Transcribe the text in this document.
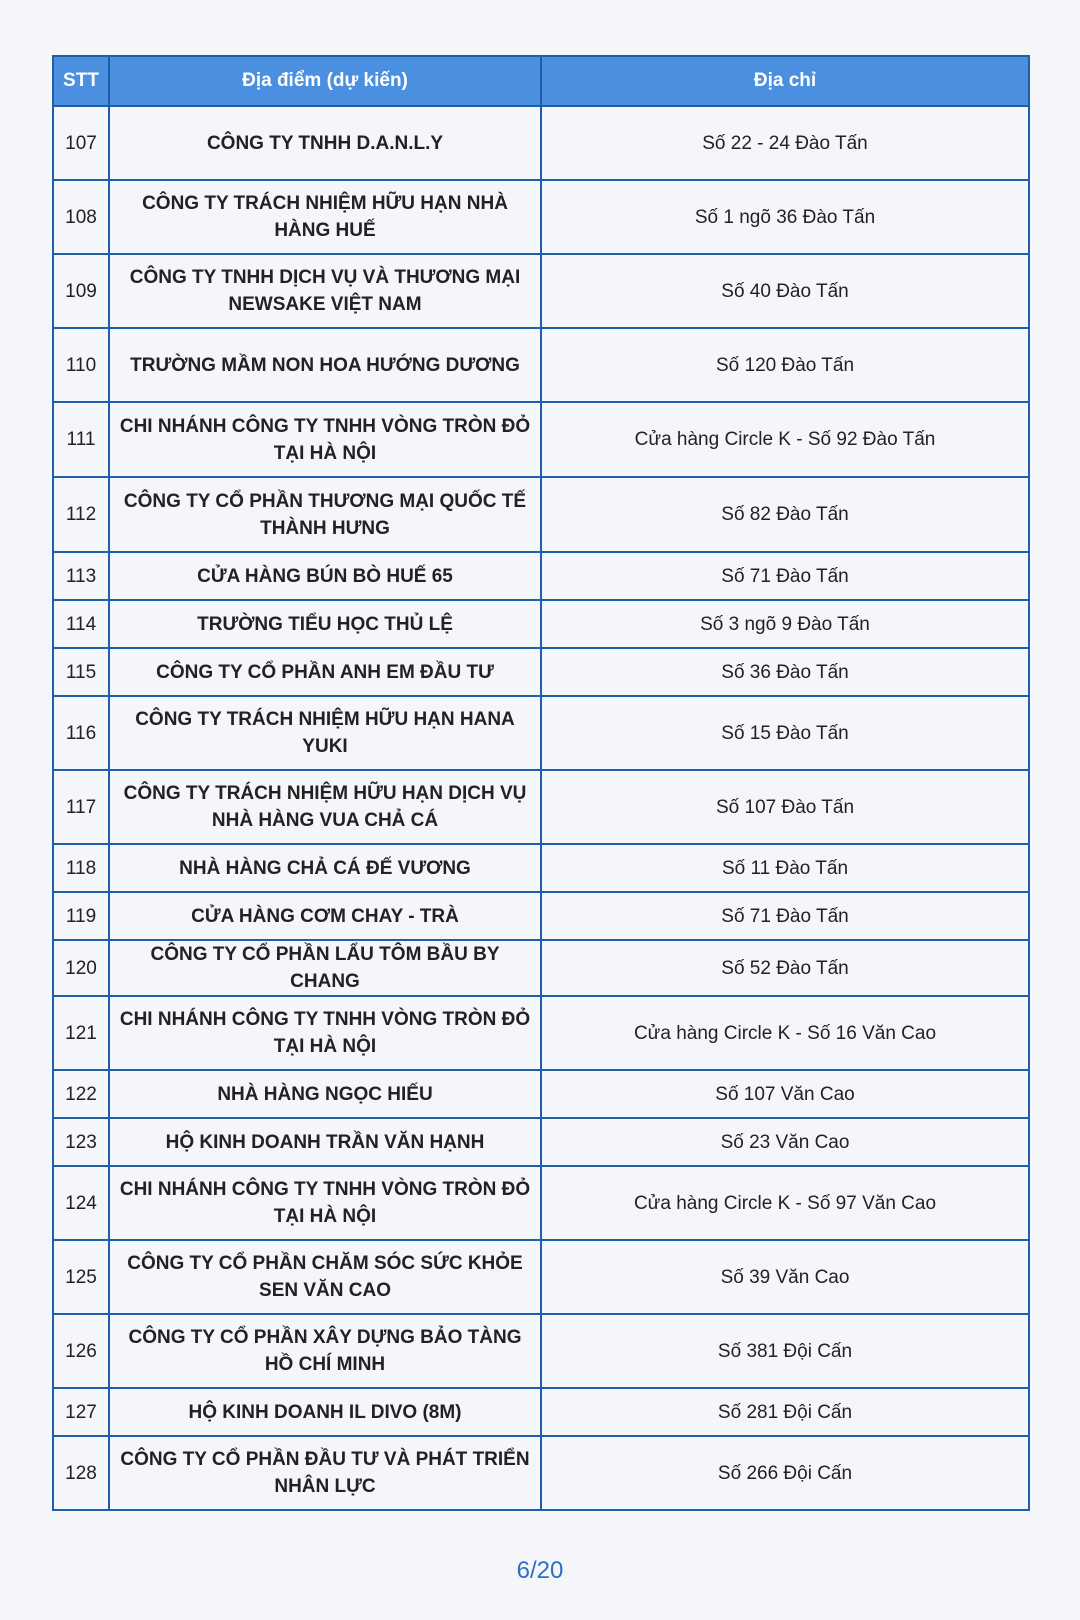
STT	Địa điểm (dự kiến)	Địa chỉ
107	CÔNG TY TNHH D.A.N.L.Y	Số 22 - 24 Đào Tấn
108	CÔNG TY TRÁCH NHIỆM HỮU HẠN NHÀ HÀNG HUẾ	Số 1 ngõ 36 Đào Tấn
109	CÔNG TY TNHH DỊCH VỤ VÀ THƯƠNG MẠI NEWSAKE VIỆT NAM	Số 40 Đào Tấn
110	TRƯỜNG MẦM NON HOA HƯỚNG DƯƠNG	Số 120 Đào Tấn
111	CHI NHÁNH CÔNG TY TNHH VÒNG TRÒN ĐỎ TẠI HÀ NỘI	Cửa hàng Circle K - Số 92 Đào Tấn
112	CÔNG TY CỔ PHẦN THƯƠNG MẠI QUỐC TẾ THÀNH HƯNG	Số 82 Đào Tấn
113	CỬA HÀNG BÚN BÒ HUẾ 65	Số 71 Đào Tấn
114	TRƯỜNG TIỂU HỌC THỦ LỆ	Số 3 ngõ 9 Đào Tấn
115	CÔNG TY CỔ PHẦN ANH EM ĐẦU TƯ	Số 36 Đào Tấn
116	CÔNG TY TRÁCH NHIỆM HỮU HẠN HANA YUKI	Số 15 Đào Tấn
117	CÔNG TY TRÁCH NHIỆM HỮU HẠN DỊCH VỤ NHÀ HÀNG VUA CHẢ CÁ	Số 107 Đào Tấn
118	NHÀ HÀNG CHẢ CÁ ĐẾ VƯƠNG	Số 11 Đào Tấn
119	CỬA HÀNG CƠM CHAY - TRÀ	Số 71 Đào Tấn
120	CÔNG TY CỔ PHẦN LẨU TÔM BẦU BY CHANG	Số 52 Đào Tấn
121	CHI NHÁNH CÔNG TY TNHH VÒNG TRÒN ĐỎ TẠI HÀ NỘI	Cửa hàng Circle K - Số 16 Văn Cao
122	NHÀ HÀNG NGỌC HIẾU	Số 107 Văn Cao
123	HỘ KINH DOANH TRẦN VĂN HẠNH	Số 23 Văn Cao
124	CHI NHÁNH CÔNG TY TNHH VÒNG TRÒN ĐỎ TẠI HÀ NỘI	Cửa hàng Circle K - Số 97 Văn Cao
125	CÔNG TY CỔ PHẦN CHĂM SÓC SỨC KHỎE SEN VĂN CAO	Số 39 Văn Cao
126	CÔNG TY CỔ PHẦN XÂY DỰNG BẢO TÀNG HỒ CHÍ MINH	Số 381 Đội Cấn
127	HỘ KINH DOANH IL DIVO (8M)	Số 281 Đội Cấn
128	CÔNG TY CỔ PHẦN ĐẦU TƯ VÀ PHÁT TRIỂN NHÂN LỰC	Số 266 Đội Cấn
6/20
